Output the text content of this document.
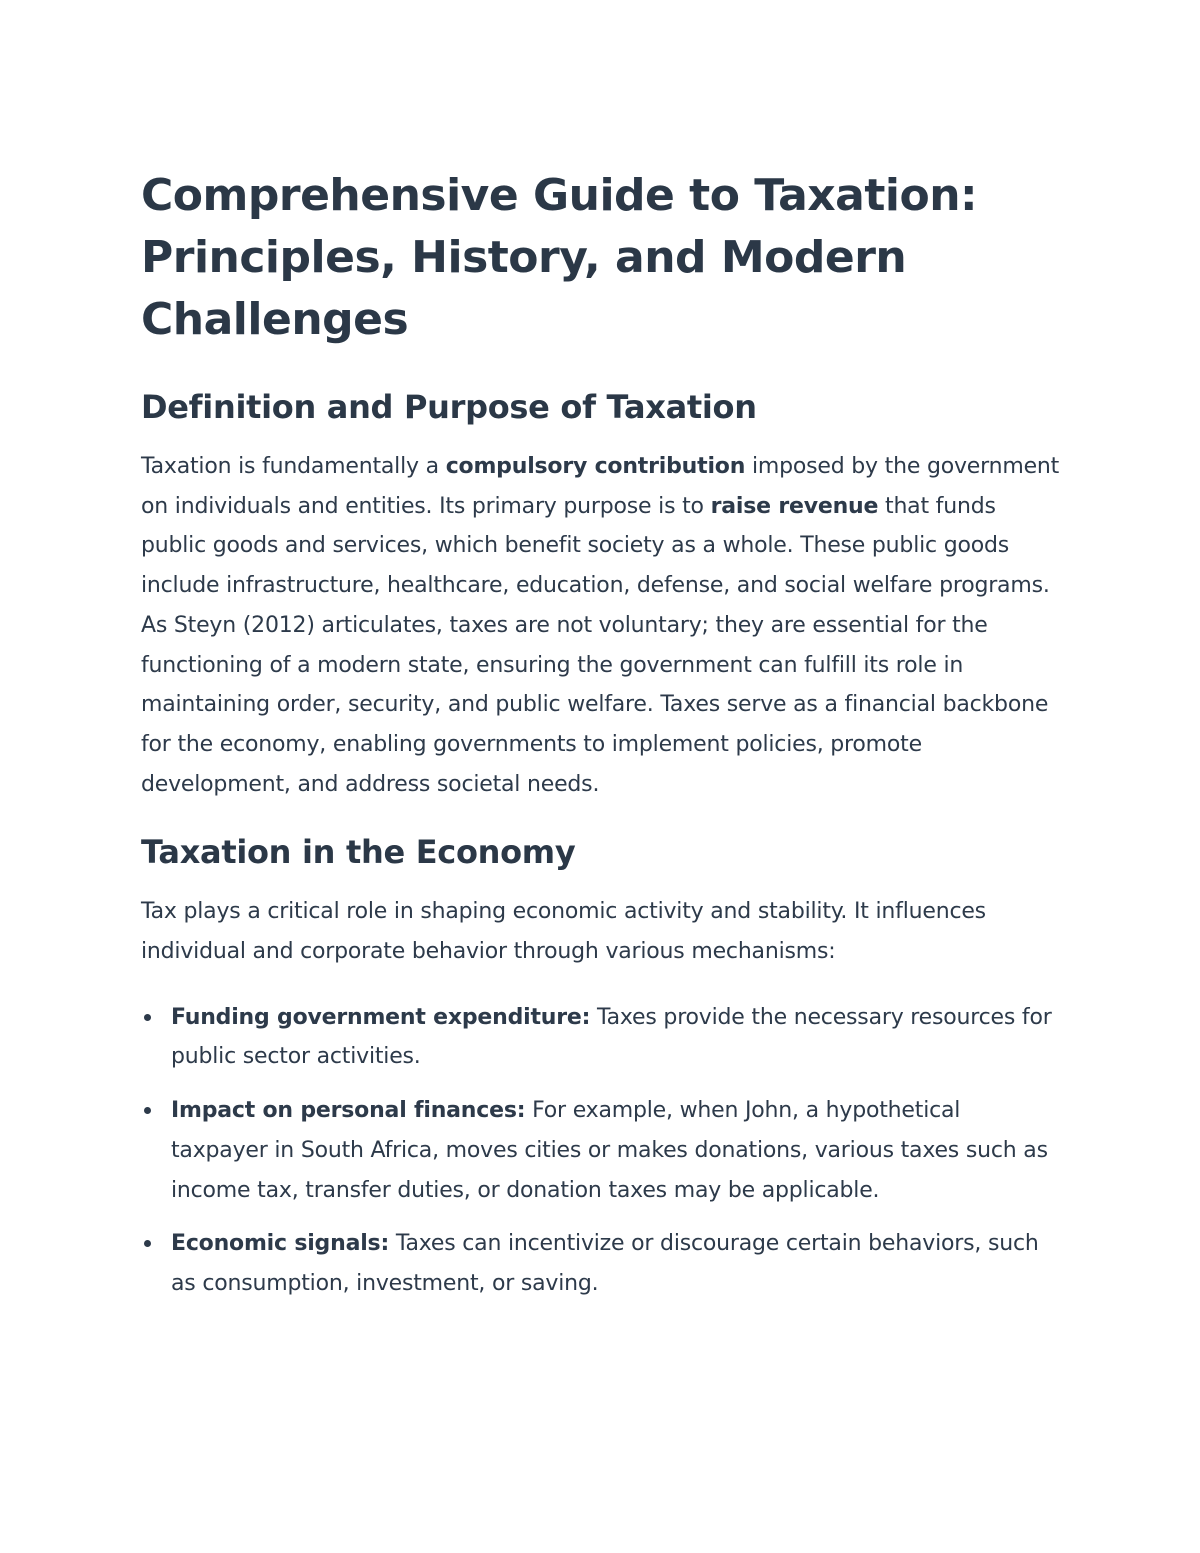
Comprehensive Guide to Taxation: Principles, History, and Modern Challenges
Definition and Purpose of Taxation

Taxation is fundamentally a compulsory contribution imposed by the government on individuals and entities. Its primary purpose is to raise revenue that funds public goods and services, which benefit society as a whole. These public goods include infrastructure, healthcare, education, defense, and social welfare programs. As Steyn (2012) articulates, taxes are not voluntary; they are essential for the functioning of a modern state, ensuring the government can fulfill its role in maintaining order, security, and public welfare. Taxes serve as a financial backbone for the economy, enabling governments to implement policies, promote development, and address societal needs.

Taxation in the Economy

Tax plays a critical role in shaping economic activity and stability. It influences individual and corporate behavior through various mechanisms:

Funding government expenditure: Taxes provide the necessary resources for public sector activities.
Impact on personal finances: For example, when John, a hypothetical taxpayer in South Africa, moves cities or makes donations, various taxes such as income tax, transfer duties, or donation taxes may be applicable.
Economic signals: Taxes can incentivize or discourage certain behaviors, such as consumption, investment, or saving.
